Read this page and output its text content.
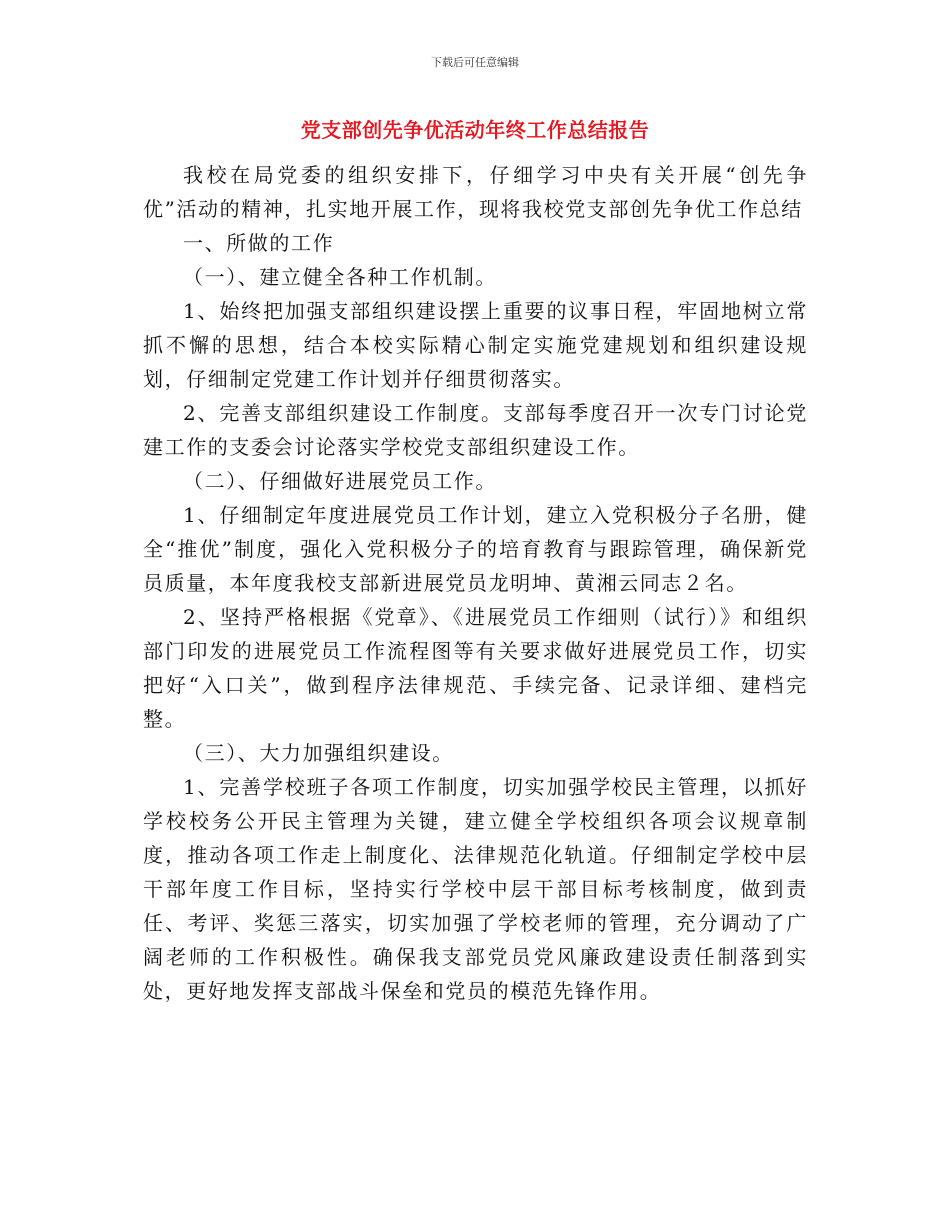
下载后可任意编辑
党支部创先争优活动年终工作总结报告

我校在局党委的组织安排下，仔细学习中央有关开展“创先争优”活动的精神，扎实地开展工作，现将我校党支部创先争优工作总结

一、所做的工作

（一）、建立健全各种工作机制。

1、始终把加强支部组织建设摆上重要的议事日程，牢固地树立常抓不懈的思想，结合本校实际精心制定实施党建规划和组织建设规划，仔细制定党建工作计划并仔细贯彻落实。

2、完善支部组织建设工作制度。支部每季度召开一次专门讨论党建工作的支委会讨论落实学校党支部组织建设工作。

（二）、仔细做好进展党员工作。

1、仔细制定年度进展党员工作计划，建立入党积极分子名册，健全“推优”制度，强化入党积极分子的培育教育与跟踪管理，确保新党员质量，本年度我校支部新进展党员龙明坤、黄湘云同志２名。

2、坚持严格根据《党章》、《进展党员工作细则（试行）》和组织部门印发的进展党员工作流程图等有关要求做好进展党员工作，切实把好“入口关”，做到程序法律规范、手续完备、记录详细、建档完整。

（三）、大力加强组织建设。

1、完善学校班子各项工作制度，切实加强学校民主管理，以抓好学校校务公开民主管理为关键，建立健全学校组织各项会议规章制度，推动各项工作走上制度化、法律规范化轨道。仔细制定学校中层干部年度工作目标，坚持实行学校中层干部目标考核制度，做到责任、考评、奖惩三落实，切实加强了学校老师的管理，充分调动了广阔老师的工作积极性。确保我支部党员党风廉政建设责任制落到实处，更好地发挥支部战斗保垒和党员的模范先锋作用。
